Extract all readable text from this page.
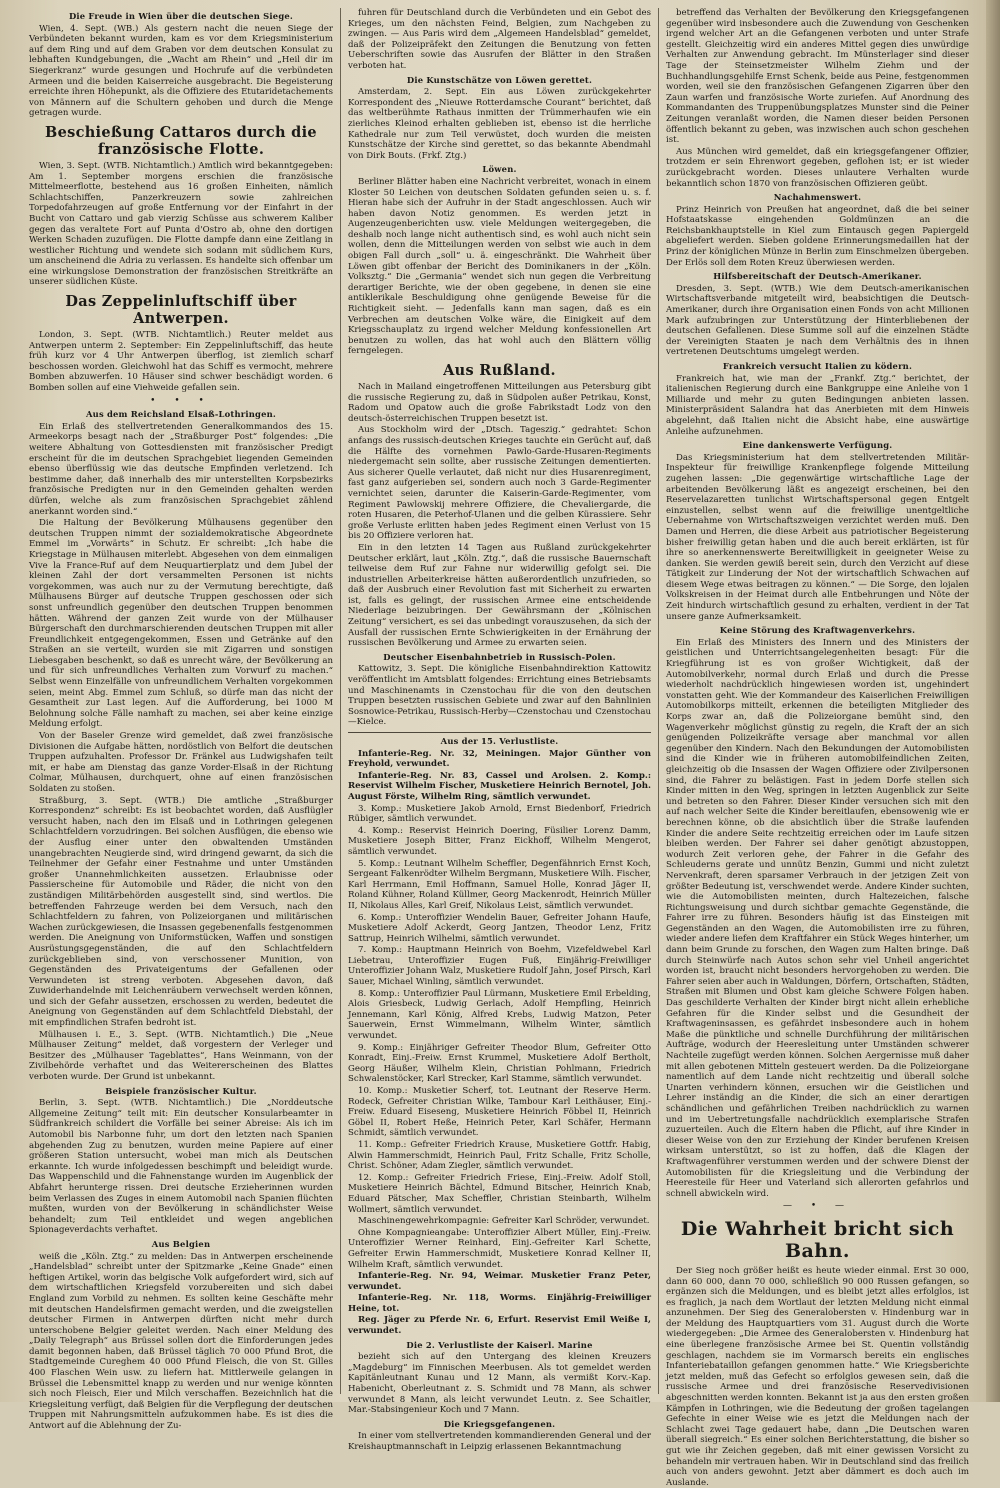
Die Freude in Wien über die deutschen Siege.
Wien, 4. Sept. (WB.) Als gestern nacht die neuen Siege der Verbündeten bekannt wurden, kam es vor dem Kriegsministerium auf dem Ring und auf dem Graben vor dem deutschen Konsulat zu lebhaften Kundgebungen, die „Wacht am Rhein“ und „Heil dir im Siegerkranz“ wurde gesungen und Hochrufe auf die verbündeten Armeen und die beiden Kaiserreiche ausgebracht. Die Begeisterung erreichte ihren Höhepunkt, als die Offiziere des Etutaridetachements von Männern auf die Schultern gehoben und durch die Menge getragen wurde.
Beschießung Cattaros durch die französische Flotte.
Wien, 3. Sept. (WTB. Nichtamtlich.) Amtlich wird bekanntgegeben: Am 1. September morgens erschien die französische Mittelmeerflotte, bestehend aus 16 großen Einheiten, nämlich Schlachtschiffen, Panzerkreuzern sowie zahlreichen Torpedofahrzeugen auf große Entfernung vor der Einfahrt in der Bucht von Cattaro und gab vierzig Schüsse aus schwerem Kaliber gegen das veraltete Fort auf Punta d'Ostro ab, ohne den dortigen Werken Schaden zuzufügen. Die Flotte dampfe dann eine Zeitlang in westlicher Richtung und wendete sich sodann mit südlichem Kurs, um anscheinend die Adria zu verlassen. Es handelte sich offenbar um eine wirkungslose Demonstration der französischen Streitkräfte an unserer südlichen Küste.
Das Zeppelinluftschiff über Antwerpen.
London, 3. Sept. (WTB. Nichtamtlich.) Reuter meldet aus Antwerpen unterm 2. September: Ein Zeppelinluftschiff, das heute früh kurz vor 4 Uhr Antwerpen überflog, ist ziemlich scharf beschossen worden. Gleichwohl hat das Schiff es vermocht, mehrere Bomben abzuwerfen. 10 Häuser sind schwer beschädigt worden. 6 Bomben sollen auf eine Viehweide gefallen sein.
• • •
Aus dem Reichsland Elsaß-Lothringen.
Ein Erlaß des stellvertretenden Generalkommandos des 15. Armeekorps besagt nach der „Straßburger Post“ folgendes: „Die weitere Abhaltung von Gottesdiensten mit französischer Predigt erscheint für die im deutschen Sprachgebiet liegenden Gemeinden ebenso überflüssig wie das deutsche Empfinden verletzend. Ich bestimme daher, daß innerhalb des mir unterstellten Korpsbezirks französische Predigten nur in den Gemeinden gehalten werden dürfen, welche als zum französischen Sprachgebiet zählend anerkannt worden sind.“
Die Haltung der Bevölkerung Mülhausens gegenüber den deutschen Truppen nimmt der sozialdemokratische Abgeordnete Emmel im „Vorwärts“ in Schutz. Er schreibt: „Ich habe die Kriegstage in Mülhausen miterlebt. Abgesehen von dem einmaligen Vive la France-Ruf auf dem Neuquartierplatz und dem Jubel der kleinen Zahl der dort versammelten Personen ist nichts vorgekommen, was auch nur zu der Vermutung berechtigte, daß Mülhausens Bürger auf deutsche Truppen geschossen oder sich sonst unfreundlich gegenüber den deutschen Truppen benommen hätten. Während der ganzen Zeit wurde von der Mülhauser Bürgerschaft den durchmarschierenden deutschen Truppen mit aller Freundlichkeit entgegengekommen, Essen und Getränke auf den Straßen an sie verteilt, wurden sie mit Zigarren und sonstigen Liebesgaben beschenkt, so daß es unrecht wäre, der Bevölkerung an und für sich unfreundliches Verhalten zum Vorwurf zu machen.“ Selbst wenn Einzelfälle von unfreundlichem Verhalten vorgekommen seien, meint Abg. Emmel zum Schluß, so dürfe man das nicht der Gesamtheit zur Last legen. Auf die Aufforderung, bei 1000 M Belohnung solche Fälle namhaft zu machen, sei aber keine einzige Meldung erfolgt.
Von der Baseler Grenze wird gemeldet, daß zwei französische Divisionen die Aufgabe hätten, nordöstlich von Belfort die deutschen Truppen aufzuhalten. Professor Dr. Fränkel aus Ludwigshafen teilt mit, er habe am Dienstag das ganze Vorder-Elsaß in der Richtung Colmar, Mülhausen, durchquert, ohne auf einen französischen Soldaten zu stoßen.
Straßburg, 3. Sept. (WTB.) Die amtliche „Straßburger Korrespondenz“ schreibt: Es ist beobachtet worden, daß Ausflügler versucht haben, nach den im Elsaß und in Lothringen gelegenen Schlachtfeldern vorzudringen. Bei solchen Ausflügen, die ebenso wie der Ausflug einer unter den obwaltenden Umständen unangebrachten Neugierde sind, wird dringend gewarnt, da sich die Teilnehmer der Gefahr einer Festnahme und unter Umständen großer Unannehmlichkeiten aussetzen. Erlaubnisse oder Passierscheine für Automobile und Räder, die nicht von den zuständigen Militärbehörden ausgestellt sind, sind wertlos. Die betreffenden Fahrzeuge werden bei dem Versuch, nach den Schlachtfeldern zu fahren, von Polizeiorganen und militärischen Wachen zurückgewiesen, die Insassen gegebenenfalls festgenommen werden. Die Aneignung von Uniformstücken, Waffen und sonstigen Ausrüstungsgegenständen, die auf den Schlachtfeldern zurückgeblieben sind, von verschossener Munition, von Gegenständen des Privateigentums der Gefallenen oder Verwundeten ist streng verboten. Abgesehen davon, daß Zuwiderhandelnde mit Leichenräubern verwechselt werden können, und sich der Gefahr aussetzen, erschossen zu werden, bedeutet die Aneignung von Gegenständen auf dem Schlachtfeld Diebstahl, der mit empfindlichen Strafen bedroht ist.
Mülhausen i. E., 3. Sept. (WTB. Nichtamtlich.) Die „Neue Mülhauser Zeitung“ meldet, daß vorgestern der Verleger und Besitzer des „Mülhauser Tageblattes“, Hans Weinmann, von der Zivilbehörde verhaftet und das Weitererscheinen des Blattes verboten wurde. Der Grund ist unbekannt.
Beispiele französischer Kultur.
Berlin, 3. Sept. (WTB. Nichtamtlich.) Die „Norddeutsche Allgemeine Zeitung“ teilt mit: Ein deutscher Konsularbeamter in Südfrankreich schildert die Vorfälle bei seiner Abreise: Als ich im Automobil bis Narbonne fuhr, um dort den letzten nach Spanien abgehenden Zug zu benutzen, wurden meine Papiere auf einer größeren Station untersucht, wobei man mich als Deutschen erkannte. Ich wurde infolgedessen beschimpft und beleidigt wurde. Das Wappenschild und die Fahnenstange wurden im Augenblick der Abfahrt herunterge rissen. Drei deutsche Erzieherinnen wurden beim Verlassen des Zuges in einem Automobil nach Spanien flüchten mußten, wurden von der Bevölkerung in schändlichster Weise behandelt; zum Teil entkleidet und wegen angeblichen Spionageverdachts verhaftet.
Aus Belgien
weiß die „Köln. Ztg.“ zu melden: Das in Antwerpen erscheinende „Handelsblad“ schreibt unter der Spitzmarke „Keine Gnade“ einen heftigen Artikel, worin das belgische Volk aufgefordert wird, sich auf dem wirtschaftlichen Kriegsfeld vorzubereiten und sich dabei England zum Vorbild zu nehmen. Es sollten keine Geschäfte mehr mit deutschen Handelsfirmen gemacht werden, und die zweigstellen deutscher Firmen in Antwerpen dürften nicht mehr durch unterschobene Belgier geleitet werden. Nach einer Meldung des „Daily Telegraph“ aus Brüssel sollen dort die Einforderungen jedes damit begonnen haben, daß Brüssel täglich 70 000 Pfund Brot, die Stadtgemeinde Cureghem 40 000 Pfund Fleisch, die von St. Gilles 400 Flaschen Wein usw. zu liefern hat. Mittlerweile gelangen in Brüssel die Lebensmittel knapp zu werden und nur wenige könnten sich noch Fleisch, Eier und Milch verschaffen. Bezeichnlich hat die Kriegsleitung verfügt, daß Belgien für die Verpflegung der deutschen Truppen mit Nahrungsmitteln aufzukommen habe. Es ist dies die Antwort auf die Ablehnung der Zu-
fuhren für Deutschland durch die Verbündeten und ein Gebot des Krieges, um den nächsten Feind, Belgien, zum Nachgeben zu zwingen. — Aus Paris wird dem „Algemeen Handelsblad“ gemeldet, daß der Polizeipräfekt den Zeitungen die Benutzung von fetten Ueberschriften sowie das Ausrufen der Blätter in den Straßen verboten hat.
Die Kunstschätze von Löwen gerettet.
Amsterdam, 2. Sept. Ein aus Löwen zurückgekehrter Korrespondent des „Nieuwe Rotterdamsche Courant“ berichtet, daß das weltberühmte Rathaus inmitten der Trümmerhaufen wie ein zierliches Kleinod erhalten geblieben ist, ebenso ist die herrliche Kathedrale nur zum Teil verwüstet, doch wurden die meisten Kunstschätze der Kirche sind gerettet, so das bekannte Abendmahl von Dirk Bouts. (Frkf. Ztg.)
Löwen.
Berliner Blätter haben eine Nachricht verbreitet, wonach in einem Kloster 50 Leichen von deutschen Soldaten gefunden seien u. s. f. Hieran habe sich der Aufruhr in der Stadt angeschlossen. Auch wir haben davon Notiz genommen. Es werden jetzt in Augenzeugenberichten usw. viele Meldungen weitergegeben, die deshalb noch lange nicht authentisch sind, es wohl auch nicht sein wollen, denn die Mitteilungen werden von selbst wie auch in dem obigen Fall durch „soll“ u. ä. eingeschränkt. Die Wahrheit über Löwen gibt offenbar der Bericht des Dominikaners in der „Köln. Volksztg.“ Die „Germania“ wendet sich nun gegen die Verbreitung derartiger Berichte, wie der oben gegebene, in denen sie eine antiklerikale Beschuldigung ohne genügende Beweise für die Richtigkeit sieht. — Jedenfalls kann man sagen, daß es ein Verbrechen am deutschen Volke wäre, die Einigkeit auf dem Kriegsschauplatz zu irgend welcher Meldung konfessionellen Art benutzen zu wollen, das hat wohl auch den Blättern völlig ferngelegen.
Aus Rußland.
Nach in Mailand eingetroffenen Mitteilungen aus Petersburg gibt die russische Regierung zu, daß in Südpolen außer Petrikau, Konst, Radom und Opatow auch die große Fabrikstadt Lodz von den deutsch-österreichischen Truppen besetzt ist.
Aus Stockholm wird der „Dtsch. Tageszig.“ gedrahtet: Schon anfangs des russisch-deutschen Krieges tauchte ein Gerücht auf, daß die Hälfte des vornehmen Pawlo-Garde-Husaren-Regiments niedergemacht sein sollte, aber russische Zeitungen dementierten. Aus sicherer Quelle verlautet, daß nicht nur dies Husarenregiment, fast ganz aufgerieben sei, sondern auch noch 3 Garde-Regimenter vernichtet seien, darunter die Kaiserin-Garde-Regimenter, vom Regiment Pawlowskij mehrere Offiziere, die Chevaliergarde, die roten Husaren, die Peterhof-Ulanen und die gelben Kürassiere. Sehr große Verluste erlitten haben jedes Regiment einen Verlust von 15 bis 20 Offiziere verloren hat.
Ein in den letzten 14 Tagen aus Rußland zurückgekehrter Deutscher erklärt, laut „Köln. Ztg.“, daß die russische Bauernschaft teilweise dem Ruf zur Fahne nur widerwillig gefolgt sei. Die industriellen Arbeiterkreise hätten außerordentlich unzufrieden, so daß der Ausbruch einer Revolution fast mit Sicherheit zu erwarten ist, falls es gelingt, der russischen Armee eine entscheidende Niederlage beizubringen. Der Gewährsmann der „Kölnischen Zeitung“ versichert, es sei das unbedingt vorauszusehen, da sich der Ausfall der russischen Ernte Schwierigkeiten in der Ernährung der russischen Bevölkerung und Armee zu erwarten seien.
Deutscher Eisenbahnbetrieb in Russisch-Polen.
Kattowitz, 3. Sept. Die königliche Eisenbahndirektion Kattowitz veröffentlicht im Amtsblatt folgendes: Errichtung eines Betriebsamts und Maschinenamts in Czenstochau für die von den deutschen Truppen besetzten russischen Gebiete und zwar auf den Bahnlinien Sosnowice-Petrikau, Russisch-Herby—Czenstochau und Czenstochau—Kielce.
Aus der 15. Verlustliste.
Infanterie-Reg. Nr. 32, Meiningen. Major Günther von Freyhold, verwundet.
Infanterie-Reg. Nr. 83, Cassel und Arolsen. 2. Komp.: Reservist Wilhelm Fischer, Musketiere Heinrich Bernotel, Joh. August Förste, Wilhelm Ring, sämtlich verwundet.
3. Komp.: Musketiere Jakob Arnold, Ernst Biedenborf, Friedrich Rübiger, sämtlich verwundet.
4. Komp.: Reservist Heinrich Doering, Füsilier Lorenz Damm, Musketiere Joseph Bitter, Franz Eickhoff, Wilhelm Mengerot, sämtlich verwundet.
5. Komp.: Leutnant Wilhelm Scheffler, Degenfähnrich Ernst Koch, Sergeant Falkenrödter Wilhelm Bergmann, Musketiere Wilh. Fischer, Karl Herrmann, Emil Hoffmann, Samuel Holle, Konrad Jäger II, Roland Kühner, Roland Küllmer, Georg Mackenrodt, Heinrich Müller II, Nikolaus Alles, Karl Greif, Nikolaus Leist, sämtlich verwundet.
6. Komp.: Unteroffizier Wendelin Bauer, Gefreiter Johann Haufe, Musketiere Adolf Ackerdt, Georg Jantzen, Theodor Lenz, Fritz Sattrup, Heinrich Wilhelmi, sämtlich verwundet.
7. Komp.: Hauptmann Heinrich von Boehm, Vizefeldwebel Karl Liebetrau, Unteroffizier Eugen Fuß, Einjährig-Freiwilliger Unteroffizier Johann Walz, Musketiere Rudolf Jahn, Josef Pirsch, Karl Sauer, Michael Winling, sämtlich verwundet.
8. Komp.: Unteroffizier Paul Lürmann, Musketiere Emil Erbelding, Alois Griesbeck, Ludwig Gerlach, Adolf Hempfling, Heinrich Jennemann, Karl König, Alfred Krebs, Ludwig Matzon, Peter Sauerwein, Ernst Wimmelmann, Wilhelm Winter, sämtlich verwundet.
9. Komp.: Einjähriger Gefreiter Theodor Blum, Gefreiter Otto Konradt, Einj.-Freiw. Ernst Krummel, Musketiere Adolf Bertholt, Georg Häußer, Wilhelm Klein, Christian Pohlmann, Friedrich Schwalenstöcker, Karl Strecker, Karl Stamme, sämtlich verwundet.
10. Komp.: Musketier Scherf, tot. Leutnant der Reserve Herm. Rodeck, Gefreiter Christian Wilke, Tambour Karl Leithäuser, Einj.-Freiw. Eduard Eiseseng, Musketiere Heinrich Föbbel II, Heinrich Göbel II, Robert Heße, Heinrich Peter, Karl Schäfer, Hermann Schmidt, sämtlich verwundet.
11. Komp.: Gefreiter Friedrich Krause, Musketiere Gottfr. Habig, Alwin Hammerschmidt, Heinrich Paul, Fritz Schalle, Fritz Scholle, Christ. Schöner, Adam Ziegler, sämtlich verwundet.
12. Komp.: Gefreiter Friedrich Friese, Einj.-Freiw. Adolf Stoll, Musketiere Heinrich Bächtel, Edmund Bitscher, Heinrich Knab, Eduard Pätscher, Max Scheffler, Christian Steinbarth, Wilhelm Wollmert, sämtlich verwundet.
Maschinengewehrkompagnie: Gefreiter Karl Schröder, verwundet.
Ohne Kompagnieangabe: Unteroffizier Albert Müller, Einj.-Freiw. Unteroffizier Werner Reinhard, Einj.-Gefreiter Karl Schette, Gefreiter Erwin Hammerschmidt, Musketiere Konrad Kellner II, Wilhelm Kraft, sämtlich verwundet.
Infanterie-Reg. Nr. 94, Weimar. Musketier Franz Peter, verwundet.
Infanterie-Reg. Nr. 118, Worms. Einjährig-Freiwilliger Heine, tot.
Reg. Jäger zu Pferde Nr. 6, Erfurt. Reservist Emil Weiße I, verwundet.
Die 2. Verlustliste der Kaiserl. Marine
bezieht sich auf den Untergang des kleinen Kreuzers „Magdeburg“ im Finnischen Meerbusen. Als tot gemeldet werden Kapitänleutnant Kunau und 12 Mann, als vermißt Korv.-Kap. Habenicht, Oberleutnant z. S. Schmidt und 78 Mann, als schwer verwundet 8 Mann, als leicht verwundet Leutn. z. See Schaitler, Mar.-Stabsingenieur Koch und 7 Mann.
Die Kriegsgefangenen.
In einer vom stellvertretenden kommandierenden General und der Kreishauptmannschaft in Leipzig erlassenen Bekanntmachung
betreffend das Verhalten der Bevölkerung den Kriegsgefangenen gegenüber wird insbesondere auch die Zuwendung von Geschenken irgend welcher Art an die Gefangenen verboten und unter Strafe gestellt. Gleichzeitig wird ein anderes Mittel gegen dies unwürdige Verhalten zur Anwendung gebracht. Im Münsterlager sind dieser Tage der Steinsetzmeister Wilhelm Ziehm und der Buchhandlungsgehilfe Ernst Schenk, beide aus Peine, festgenommen worden, weil sie den französischen Gefangenen Zigarren über den Zaun warfen und französische Worte zuriefen. Auf Anordnung des Kommandanten des Truppenübungsplatzes Munster sind die Peiner Zeitungen veranlaßt worden, die Namen dieser beiden Personen öffentlich bekannt zu geben, was inzwischen auch schon geschehen ist.
Aus München wird gemeldet, daß ein kriegsgefangener Offizier, trotzdem er sein Ehrenwort gegeben, geflohen ist; er ist wieder zurückgebracht worden. Dieses unlautere Verhalten wurde bekanntlich schon 1870 von französischen Offizieren geübt.
Nachahmenswert.
Prinz Heinrich von Preußen hat angeordnet, daß die bei seiner Hofstaatskasse eingehenden Goldmünzen an die Reichsbankhauptstelle in Kiel zum Eintausch gegen Papiergeld abgeliefert werden. Sieben goldene Erinnerungsmedaillen hat der Prinz der königlichen Münze in Berlin zum Einschmelzen übergeben. Der Erlös soll dem Roten Kreuz überwiesen werden.
Hilfsbereitschaft der Deutsch-Amerikaner.
Dresden, 3. Sept. (WTB.) Wie dem Deutsch-amerikanischen Wirtschaftsverbande mitgeteilt wird, beabsichtigen die Deutsch-Amerikaner, durch ihre Organisation einen Fonds von acht Millionen Mark aufzubringen zur Unterstützung der Hinterbliebenen der deutschen Gefallenen. Diese Summe soll auf die einzelnen Städte der Vereinigten Staaten je nach dem Verhältnis des in ihnen vertretenen Deutschtums umgelegt werden.
Frankreich versucht Italien zu ködern.
Frankreich hat, wie man der „Frankf. Ztg.“ berichtet, der italienischen Regierung durch eine Bankgruppe eine Anleihe von 1 Milliarde und mehr zu guten Bedingungen anbieten lassen. Ministerpräsident Salandra hat das Anerbieten mit dem Hinweis abgelehnt, daß Italien nicht die Absicht habe, eine auswärtige Anleihe aufzunehmen.
Eine dankenswerte Verfügung.
Das Kriegsministerium hat dem stellvertretenden Militär-Inspekteur für freiwillige Krankenpflege folgende Mitteilung zugehen lassen: „Die gegenwärtige wirtschaftliche Lage der arbeitenden Bevölkerung läßt es angezeigt erscheinen, bei den Reservelazaretten tunlichst Wirtschaftspersonal gegen Entgelt einzustellen, selbst wenn auf die freiwillige unentgeltliche Uebernahme von Wirtschaftszweigen verzichtet werden muß. Den Damen und Herren, die diese Arbeit aus patriotischer Begeisterung bisher freiwillig getan haben und die auch bereit erklärten, ist für ihre so anerkennenswerte Bereitwilligkeit in geeigneter Weise zu danken. Sie werden gewiß bereit sein, durch den Verzicht auf diese Tätigkeit zur Linderung der Not der wirtschaftlich Schwachen auf diesem Wege etwas beitragen zu können.“ — Die Sorge, den lojalen Volkskreisen in der Heimat durch alle Entbehrungen und Nöte der Zeit hindurch wirtschaftlich gesund zu erhalten, verdient in der Tat unsere ganze Aufmerksamkeit.
Keine Störung des Kraftwagenverkehrs.
Ein Erlaß des Ministers des Innern und des Ministers der geistlichen und Unterrichtsangelegenheiten besagt: Für die Kriegführung ist es von großer Wichtigkeit, daß der Automobilverkehr, normal durch Erlaß und durch die Presse wiederholt nachdrücklich hingewiesen worden ist, ungehindert vonstatten geht. Wie der Kommandeur des Kaiserlichen Freiwilligen Automobilkorps mitteilt, erkennen die beteiligten Mitglieder des Korps zwar an, daß die Polizeiorgane bemüht sind, den Wagenverkehr möglichst günstig zu regeln, die Kraft der an sich genügenden Polizeikräfte versage aber manchmal vor allen gegenüber den Kindern. Nach den Bekundungen der Automobilisten sind die Kinder wie in früheren automobilfeindlichen Zeiten, gleichzeitig ob die Insassen der Wagen Offiziere oder Zivilpersonen sind, die Fahrer zu belästigen. Fast in jedem Dorfe stellen sich Kinder mitten in den Weg, springen in letzten Augenblick zur Seite und betreten so den Fahrer. Dieser Kinder versuchen sich mit den auf nach welcher Seite die Kinder bereitlaufen, ebensowenig wie er berechnen könne, ob die absichtlich über die Straße laufenden Kinder die andere Seite rechtzeitig erreichen oder im Laufe sitzen bleiben werden. Der Fahrer sei daher genötigt abzustoppen, wodurch Zeit verloren gehe, der Fahrer in die Gefahr des Schleuderns gerate und unnütz Benzin, Gummi und nicht zuletzt Nervenkraft, deren sparsamer Verbrauch in der jetzigen Zeit von größter Bedeutung ist, verschwendet werde. Andere Kinder suchten, wie die Automobilisten meinten, durch Haltezeichen, falsche Richtungsweisung und durch sichtbar gemachte Gegenstände, die Fahrer irre zu führen. Besonders häufig ist das Einsteigen mit Gegenständen an den Wagen, die Automobilisten irre zu führen, wieder andere liefen dem Kraftfahrer ein Stück Weges hinterher, um dann beim Grunde zu forschen, den Wagen zum Halten bringe. Daß durch Steinwürfe nach Autos schon sehr viel Unheil angerichtet worden ist, braucht nicht besonders hervorgehoben zu werden. Die Fahrer seien aber auch in Waldungen, Dörfern, Ortschaften, Städten, Straßen mit Blumen und Obst kam gleiche Schwere Folgen haben. Das geschilderte Verhalten der Kinder birgt nicht allein erhebliche Gefahren für die Kinder selbst und die Gesundheit der Kraftwageninsassen, es gefährdet insbesondere auch in hohem Maße die pünktliche und schnelle Durchführung der militärischen Aufträge, wodurch der Heeresleitung unter Umständen schwerer Nachteile zugefügt werden können. Solchen Aergernisse muß daher mit allen gebotenen Mitteln gesteuert werden. Da die Polizeiorgane namentlich auf dem Lande nicht rechtzeitig und überall solche Unarten verhindern können, ersuchen wir die Geistlichen und Lehrer inständig an die Kinder, die sich an einer derartigen schändlichen und gefährlichen Treiben nachdrücklich zu warnen und im Uebertretungsfalle nachdrücklich exemplarische Strafen zuzuerteilen. Auch die Eltern haben die Pflicht, auf ihre Kinder in dieser Weise von den zur Erziehung der Kinder berufenen Kreisen wirksam unterstützt, so ist zu hoffen, daß die Klagen der Kraftwagenführer verstummen werden und der schwere Dienst der Automobilisten für die Kriegsleitung und die Verbindung der Heeresteile für Heer und Vaterland sich allerorten gefahrlos und schnell abwickeln wird.
— • —
Die Wahrheit bricht sich Bahn.
Der Sieg noch größer heißt es heute wieder einmal. Erst 30 000, dann 60 000, dann 70 000, schließlich 90 000 Russen gefangen, so ergänzen sich die Meldungen, und es bleibt jetzt alles erfolglos, ist es fraglich, ja nach dem Wortlaut der letzten Meldung nicht einmal anzunehmen. Der Sieg des Generalobersten v. Hindenburg war in der Meldung des Hauptquartiers vom 31. August durch die Worte wiedergegeben: „Die Armee des Generalobersten v. Hindenburg hat eine überlegene französische Armee bei St. Quentin vollständig geschlagen, nachdem sie im Vormarsch bereits ein englisches Infanteriebataillon gefangen genommen hatte.“ Wie Kriegsberichte jetzt melden, muß das Gefecht so erfolglos gewesen sein, daß die russische Armee und drei französische Reservedivisionen abgeschnitten werden konnten. Bekannt ist ja aus den ersten großen Kämpfen in Lothringen, wie die Bedeutung der großen tagelangen Gefechte in einer Weise wie es jetzt die Meldungen nach der Schlacht zwei Tage gedauert habe, dann „Die Deutschen waren überall siegreich.“ Es einer solchen Berichterstattung, die bisher so gut wie ihr Zeichen gegeben, daß mit einer gewissen Vorsicht zu behandeln mir vertrauen haben. Wir in Deutschland sind das freilich auch von anders gewohnt. Jetzt aber dämmert es doch auch im Auslande.
